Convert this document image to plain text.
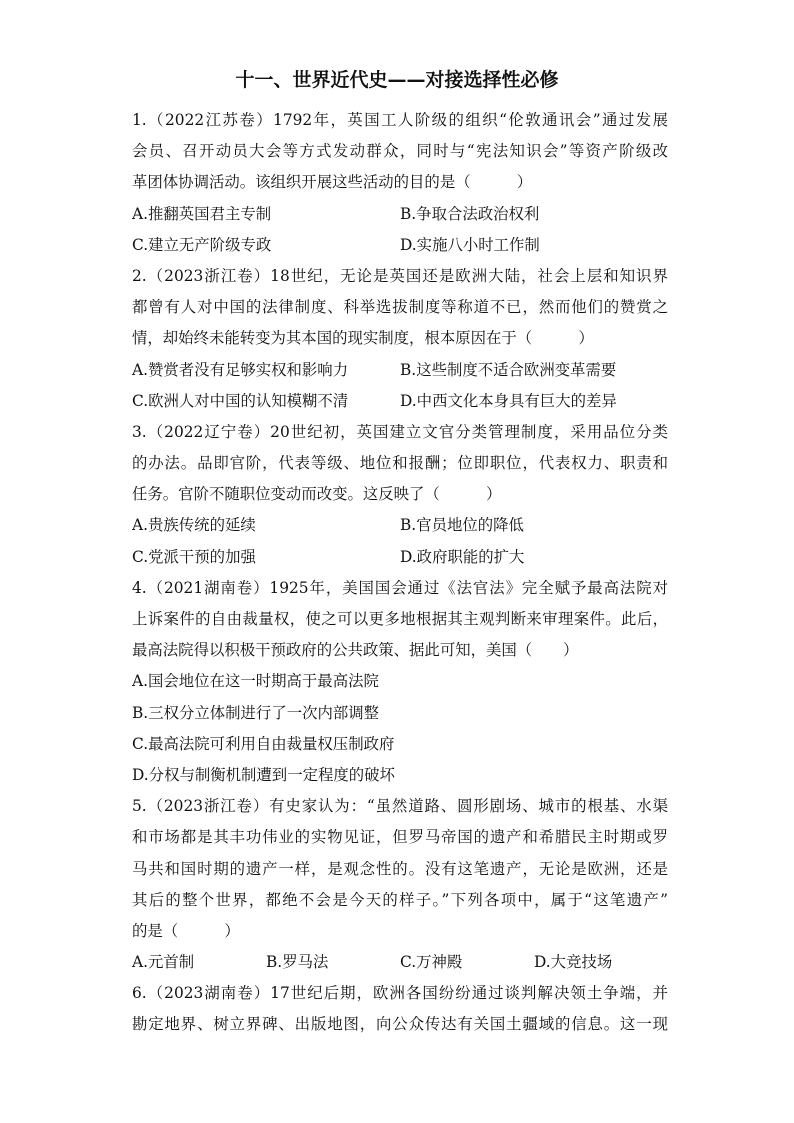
十一、世界近代史——对接选择性必修
1.（2022江苏卷）1792年，英国工人阶级的组织“伦敦通讯会”通过发展
会员、召开动员大会等方式发动群众，同时与“宪法知识会”等资产阶级改
革团体协调活动。该组织开展这些活动的目的是（　　　）
A.推翻英国君主专制	B.争取合法政治权利
C.建立无产阶级专政	D.实施八小时工作制
2.（2023浙江卷）18世纪，无论是英国还是欧洲大陆，社会上层和知识界
都曾有人对中国的法律制度、科举选拔制度等称道不已，然而他们的赞赏之
情，却始终未能转变为其本国的现实制度，根本原因在于（　　　）
A.赞赏者没有足够实权和影响力	B.这些制度不适合欧洲变革需要
C.欧洲人对中国的认知模糊不清	D.中西文化本身具有巨大的差异
3.（2022辽宁卷）20世纪初，英国建立文官分类管理制度，采用品位分类
的办法。品即官阶，代表等级、地位和报酬；位即职位，代表权力、职责和
任务。官阶不随职位变动而改变。这反映了（　　　）
A.贵族传统的延续	B.官员地位的降低
C.党派干预的加强	D.政府职能的扩大
4.（2021湖南卷）1925年，美国国会通过《法官法》完全赋予最高法院对
上诉案件的自由裁量权，使之可以更多地根据其主观判断来审理案件。此后，
最高法院得以积极干预政府的公共政策、据此可知，美国（　　）
A.国会地位在这一时期高于最高法院
B.三权分立体制进行了一次内部调整
C.最高法院可利用自由裁量权压制政府
D.分权与制衡机制遭到一定程度的破坏
5.（2023浙江卷）有史家认为：“虽然道路、圆形剧场、城市的根基、水渠
和市场都是其丰功伟业的实物见证，但罗马帝国的遗产和希腊民主时期或罗
马共和国时期的遗产一样，是观念性的。没有这笔遗产，无论是欧洲，还是
其后的整个世界，都绝不会是今天的样子。”下列各项中，属于“这笔遗产”
的是（　　　）
A.元首制	B.罗马法	C.万神殿	D.大竞技场
6.（2023湖南卷）17世纪后期，欧洲各国纷纷通过谈判解决领土争端，并
勘定地界、树立界碑、出版地图，向公众传达有关国土疆域的信息。这一现
